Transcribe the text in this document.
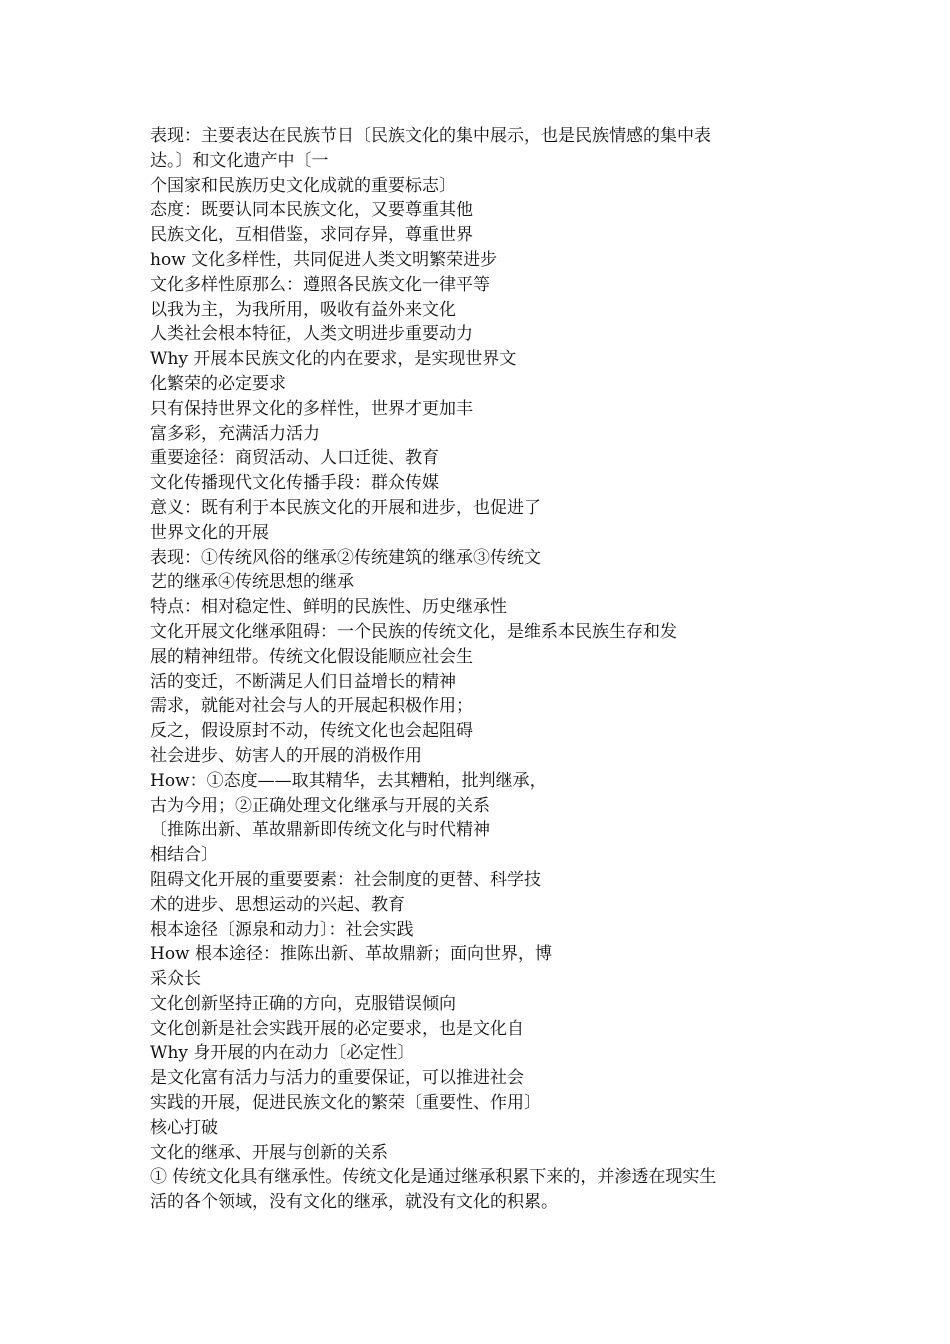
表现：主要表达在民族节日〔民族文化的集中展示，也是民族情感的集中表
达。〕和文化遗产中〔一
个国家和民族历史文化成就的重要标志〕
态度：既要认同本民族文化，又要尊重其他
民族文化，互相借鉴，求同存异，尊重世界
how 文化多样性，共同促进人类文明繁荣进步
文化多样性原那么：遵照各民族文化一律平等
以我为主，为我所用，吸收有益外来文化
人类社会根本特征，人类文明进步重要动力
Why 开展本民族文化的内在要求，是实现世界文
化繁荣的必定要求
只有保持世界文化的多样性，世界才更加丰
富多彩，充满活力活力
重要途径：商贸活动、人口迁徙、教育
文化传播现代文化传播手段：群众传媒
意义：既有利于本民族文化的开展和进步，也促进了
世界文化的开展
表现：①传统风俗的继承②传统建筑的继承③传统文
艺的继承④传统思想的继承
特点：相对稳定性、鲜明的民族性、历史继承性
文化开展文化继承阻碍：一个民族的传统文化，是维系本民族生存和发
展的精神纽带。传统文化假设能顺应社会生
活的变迁，不断满足人们日益增长的精神
需求，就能对社会与人的开展起积极作用；
反之，假设原封不动，传统文化也会起阻碍
社会进步、妨害人的开展的消极作用
How：①态度——取其精华，去其糟粕，批判继承，
古为今用；②正确处理文化继承与开展的关系
〔推陈出新、革故鼎新即传统文化与时代精神
相结合〕
阻碍文化开展的重要要素：社会制度的更替、科学技
术的进步、思想运动的兴起、教育
根本途径〔源泉和动力〕：社会实践
How 根本途径：推陈出新、革故鼎新；面向世界，博
采众长
文化创新坚持正确的方向，克服错误倾向
文化创新是社会实践开展的必定要求，也是文化自
Why 身开展的内在动力〔必定性〕
是文化富有活力与活力的重要保证，可以推进社会
实践的开展，促进民族文化的繁荣〔重要性、作用〕
核心打破
文化的继承、开展与创新的关系
① 传统文化具有继承性。传统文化是通过继承积累下来的，并渗透在现实生
活的各个领域，没有文化的继承，就没有文化的积累。
